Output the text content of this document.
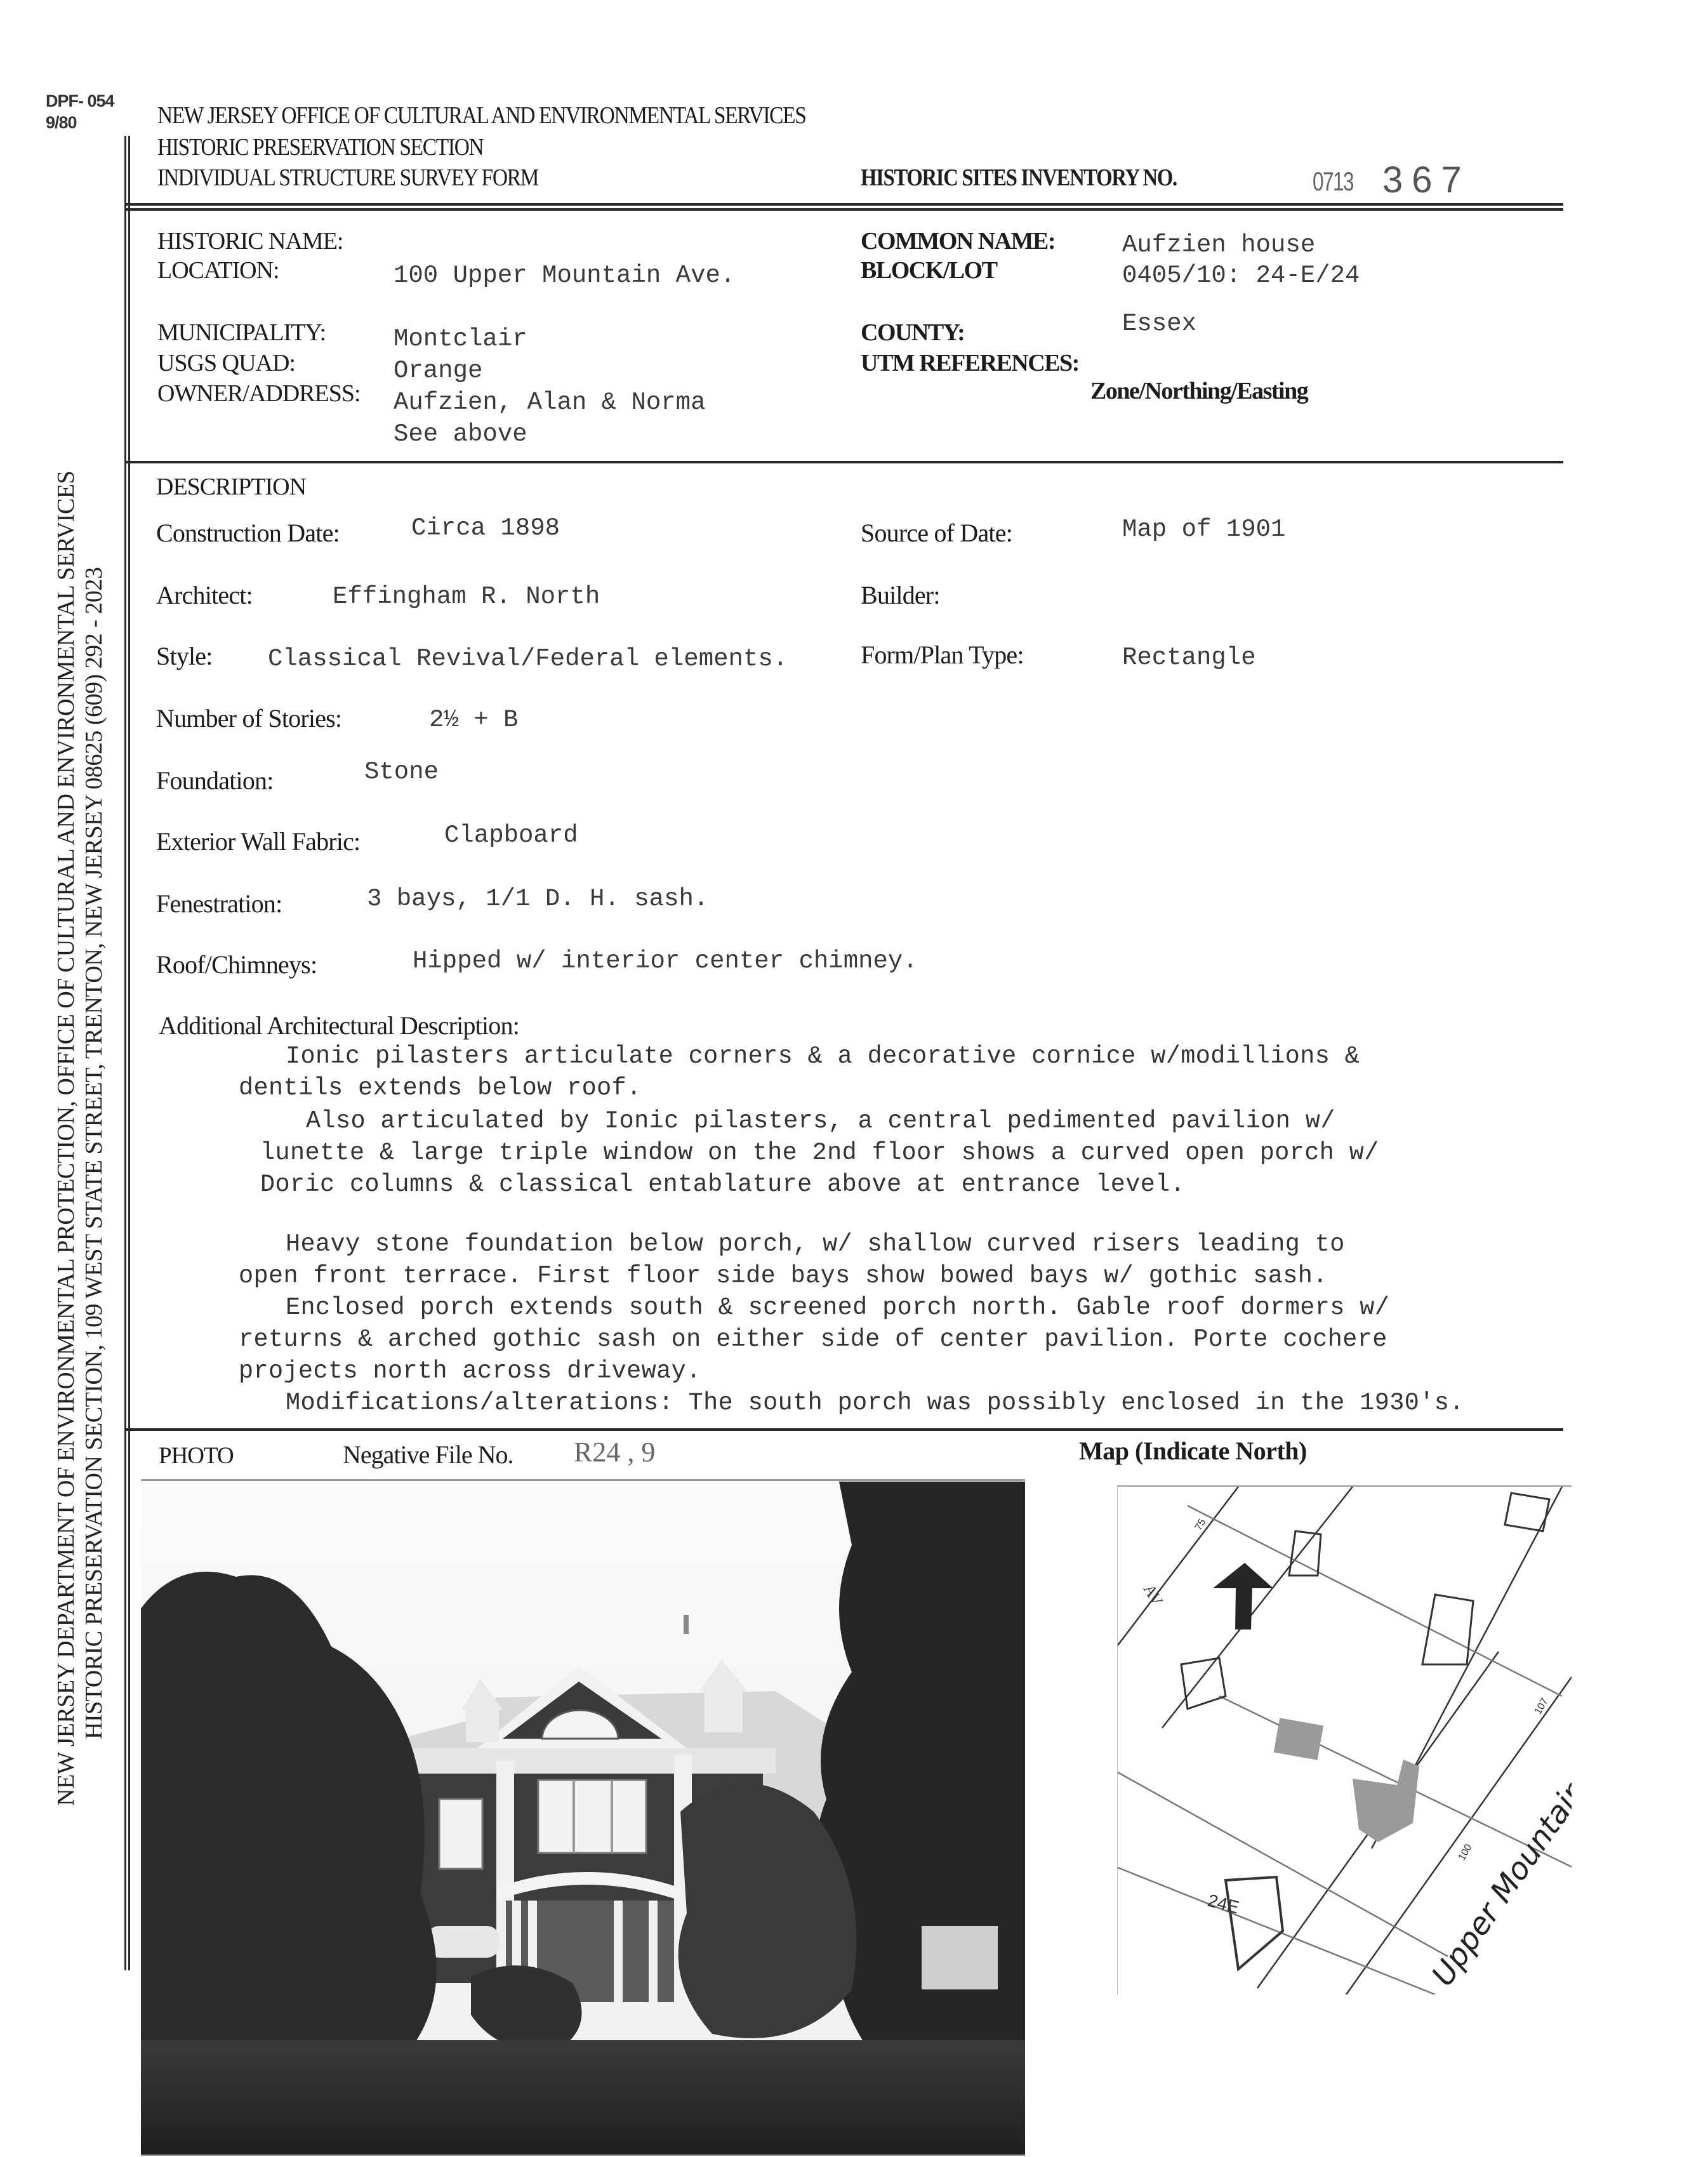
DPF- 054
9/80	NEW JERSEY OFFICE OF CULTURAL AND ENVIRONMENTAL SERVICES
HISTORIC PRESERVATION SECTION
INDIVIDUAL STRUCTURE SURVEY FORM	HISTORIC SITES INVENTORY NO.	0713 367
NEW JERSEY DEPARTMENT OF ENVIRONMENTAL PROTECTION, OFFICE OF CULTURAL AND ENVIRONMENTAL SERVICES HISTORIC PRESERVATION SECTION, 109 WEST STATE STREET, TRENTON, NEW JERSEY 08625 (609) 292 - 2023
HISTORIC NAME:
LOCATION:	100 Upper Mountain Ave.
MUNICIPALITY:	Montclair
USGS QUAD:	Orange
OWNER/ADDRESS: Aufzien, Alan & Norma
See above
COMMON NAME:	Aufzien house
BLOCK/LOT	0405/10: 24-E/24
COUNTY:	Essex
UTM REFERENCES:
Zone/Northing/Easting
DESCRIPTION
Construction Date:	Circa 1898	Source of Date:	Map of 1901
Architect:	Effingham R. North	Builder:
Style: Classical Revival/Federal elements.	Form/Plan Type:	Rectangle
Number of Stories:	2½ + B
Foundation:	Stone
Exterior Wall Fabric:	Clapboard
Fenestration:	3 bays, 1/1 D. H. sash.
Roof/Chimneys:	Hipped w/ interior center chimney.
Additional Architectural Description:
Ionic pilasters articulate corners & a decorative cornice w/modillions &
dentils extends below roof.
Also articulated by Ionic pilasters, a central pedimented pavilion w/
lunette & large triple window on the 2nd floor shows a curved open porch w/
Doric columns & classical entablature above at entrance level.
Heavy stone foundation below porch, w/ shallow curved risers leading to
open front terrace. First floor side bays show bowed bays w/ gothic sash.
Enclosed porch extends south & screened porch north. Gable roof dormers w/
returns & arched gothic sash on either side of center pavilion. Porte cochere
projects north across driveway.
Modifications/alterations: The south porch was possibly enclosed in the 1930's.
PHOTO	Negative File No. R24 , 9	Map (Indicate North)
AV
24E
75
100
107
